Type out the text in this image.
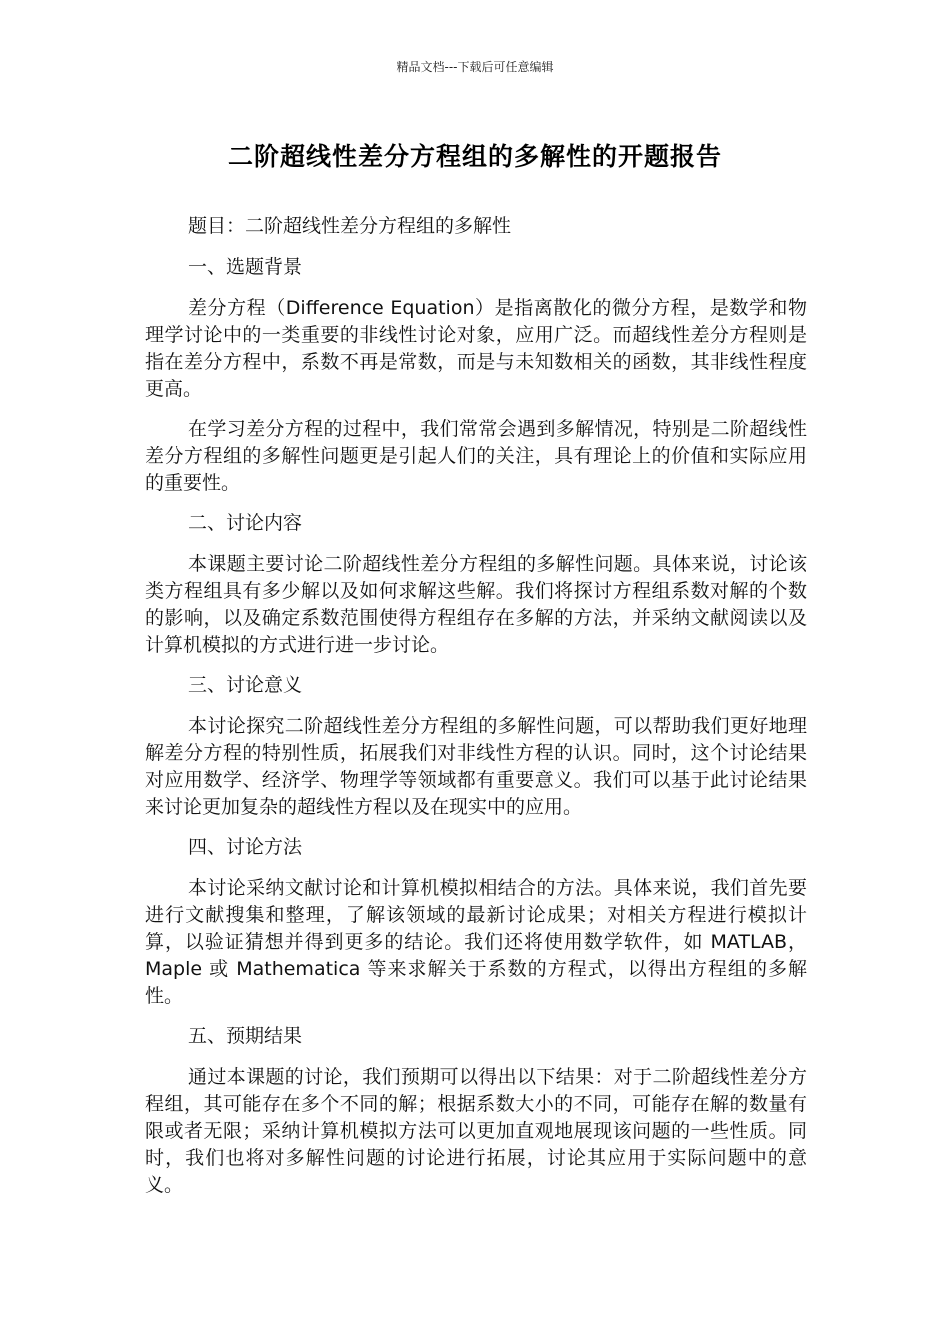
精品文档---下载后可任意编辑
二阶超线性差分方程组的多解性的开题报告

题目：二阶超线性差分方程组的多解性

一、选题背景

差分方程（Difference Equation）是指离散化的微分方程，是数学和物理学讨论中的一类重要的非线性讨论对象，应用广泛。而超线性差分方程则是指在差分方程中，系数不再是常数，而是与未知数相关的函数，其非线性程度更高。

在学习差分方程的过程中，我们常常会遇到多解情况，特别是二阶超线性差分方程组的多解性问题更是引起人们的关注，具有理论上的价值和实际应用的重要性。

二、讨论内容

本课题主要讨论二阶超线性差分方程组的多解性问题。具体来说，讨论该类方程组具有多少解以及如何求解这些解。我们将探讨方程组系数对解的个数的影响，以及确定系数范围使得方程组存在多解的方法，并采纳文献阅读以及计算机模拟的方式进行进一步讨论。

三、讨论意义

本讨论探究二阶超线性差分方程组的多解性问题，可以帮助我们更好地理解差分方程的特别性质，拓展我们对非线性方程的认识。同时，这个讨论结果对应用数学、经济学、物理学等领域都有重要意义。我们可以基于此讨论结果来讨论更加复杂的超线性方程以及在现实中的应用。

四、讨论方法

本讨论采纳文献讨论和计算机模拟相结合的方法。具体来说，我们首先要进行文献搜集和整理，了解该领域的最新讨论成果；对相关方程进行模拟计算，以验证猜想并得到更多的结论。我们还将使用数学软件，如 MATLAB，Maple 或 Mathematica 等来求解关于系数的方程式，以得出方程组的多解性。

五、预期结果

通过本课题的讨论，我们预期可以得出以下结果：对于二阶超线性差分方程组，其可能存在多个不同的解；根据系数大小的不同，可能存在解的数量有限或者无限；采纳计算机模拟方法可以更加直观地展现该问题的一些性质。同时，我们也将对多解性问题的讨论进行拓展，讨论其应用于实际问题中的意义。
